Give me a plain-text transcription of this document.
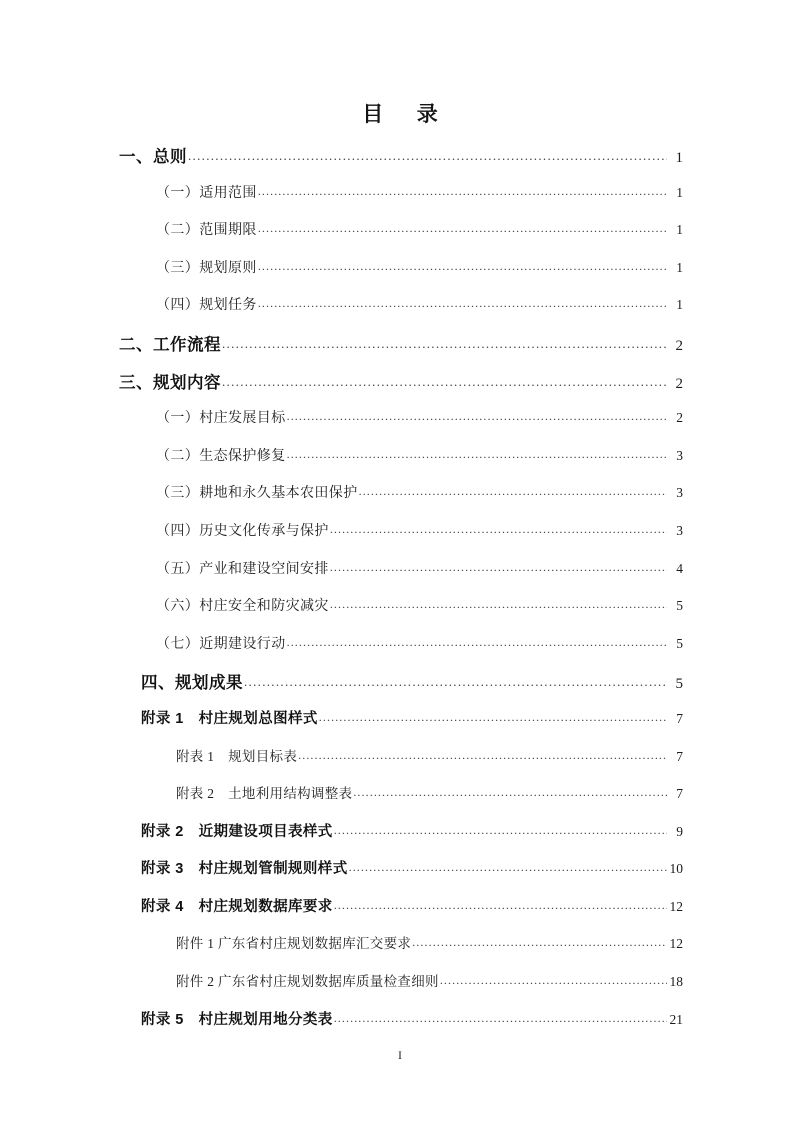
目　录
一、总则 .....	1
（一）适用范围 .....	1
（二）范围期限 .....	1
（三）规划原则 .....	1
（四）规划任务 .....	1
二、工作流程 .....	2
三、规划内容 .....	2
（一）村庄发展目标 .....	2
（二）生态保护修复 .....	3
（三）耕地和永久基本农田保护 .....	3
（四）历史文化传承与保护 .....	3
（五）产业和建设空间安排 .....	4
（六）村庄安全和防灾减灾 .....	5
（七）近期建设行动 .....	5
四、规划成果 .....	5
附录 1　村庄规划总图样式 .....	7
附表 1　规划目标表 .....	7
附表 2　土地利用结构调整表 .....	7
附录 2　近期建设项目表样式 .....	9
附录 3　村庄规划管制规则样式 .....	10
附录 4　村庄规划数据库要求 .....	12
附件 1 广东省村庄规划数据库汇交要求 .....	12
附件 2 广东省村庄规划数据库质量检查细则 .....	18
附录 5　村庄规划用地分类表 .....	21
I
